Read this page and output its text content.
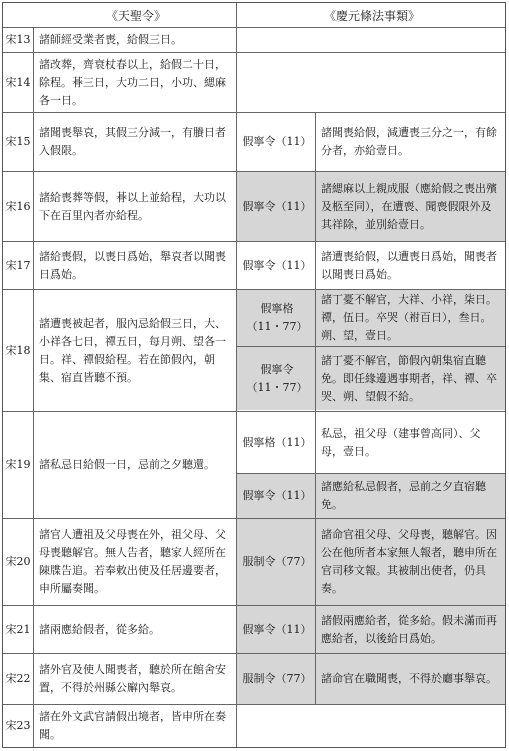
《天聖令》	《慶元條法事類》
宋13 諸師經受業者喪，給假三日。
宋14
諸改葬，齊衰杖春以上，給假二十日，除程。朞三日，大功二日，小功、緦麻各一日。
宋15
諸聞喪舉哀，其假三分減一，有賸日者入假限。
假寧令（11）
諸聞喪給假，減遭喪三分之一，有餘分者，亦給壹日。
宋16
諸給喪葬等假，朞以上並給程，大功以下在百里內者亦給程。
假寧令（11）
諸緦麻以上親成服（應給假之喪出殯及柩至同），在遭喪、聞喪假限外及其祥除，並別給壹日。
宋17
諸給喪假，以喪日爲始，舉哀者以聞喪日爲始。
假寧令（11）
諸遭喪給假，以遭喪日爲始，聞喪者以聞喪日爲始。
宋18
諸遭喪被起者，服內忌給假三日，大、小祥各七日，禫五日，每月朔、望各一日。祥、禫假給程。若在節假內，朝集、宿直皆聽不預。
假寧格
（11・77）
諸丁憂不解官，大祥、小祥，柒日。禫，伍日。卒哭（祔百日），叁日。朔、望，壹日。
假寧令
（11・77）
諸丁憂不解官，節假內朝集宿直聽免。即任緣邊遇事期者，祥、禫、卒哭、朔、望假不給。
宋19 諸私忌日給假一日，忌前之夕聽還。
假寧格（11）
私忌，祖父母（建事曾高同）、父母，壹日。
假寧令（11）
諸應給私忌假者，忌前之夕直宿聽免。
宋20
諸官人遭祖及父母喪在外，祖父母、父母喪聽解官。無人告者，聽家人經所在陳牒告追。若奉敕出使及任居邊要者，申所屬奏聞。
服制令（77）
諸命官祖父母、父母喪，聽解官。因公在他所者本家無人報者，聽申所在官司移文報。其被制出使者，仍具奏。
宋21 諸兩應給假者，從多給。	假寧令（11）
諸假兩應給者，從多給。假未滿而再應給者，以後給日爲始。
宋22
諸外官及使人聞喪者，聽於所在館舍安置，不得於州縣公廨內舉哀。
服制令（77） 諸命官在職聞喪，不得於廳事舉哀。
宋23
諸在外文武官請假出境者，皆申所在奏聞。
